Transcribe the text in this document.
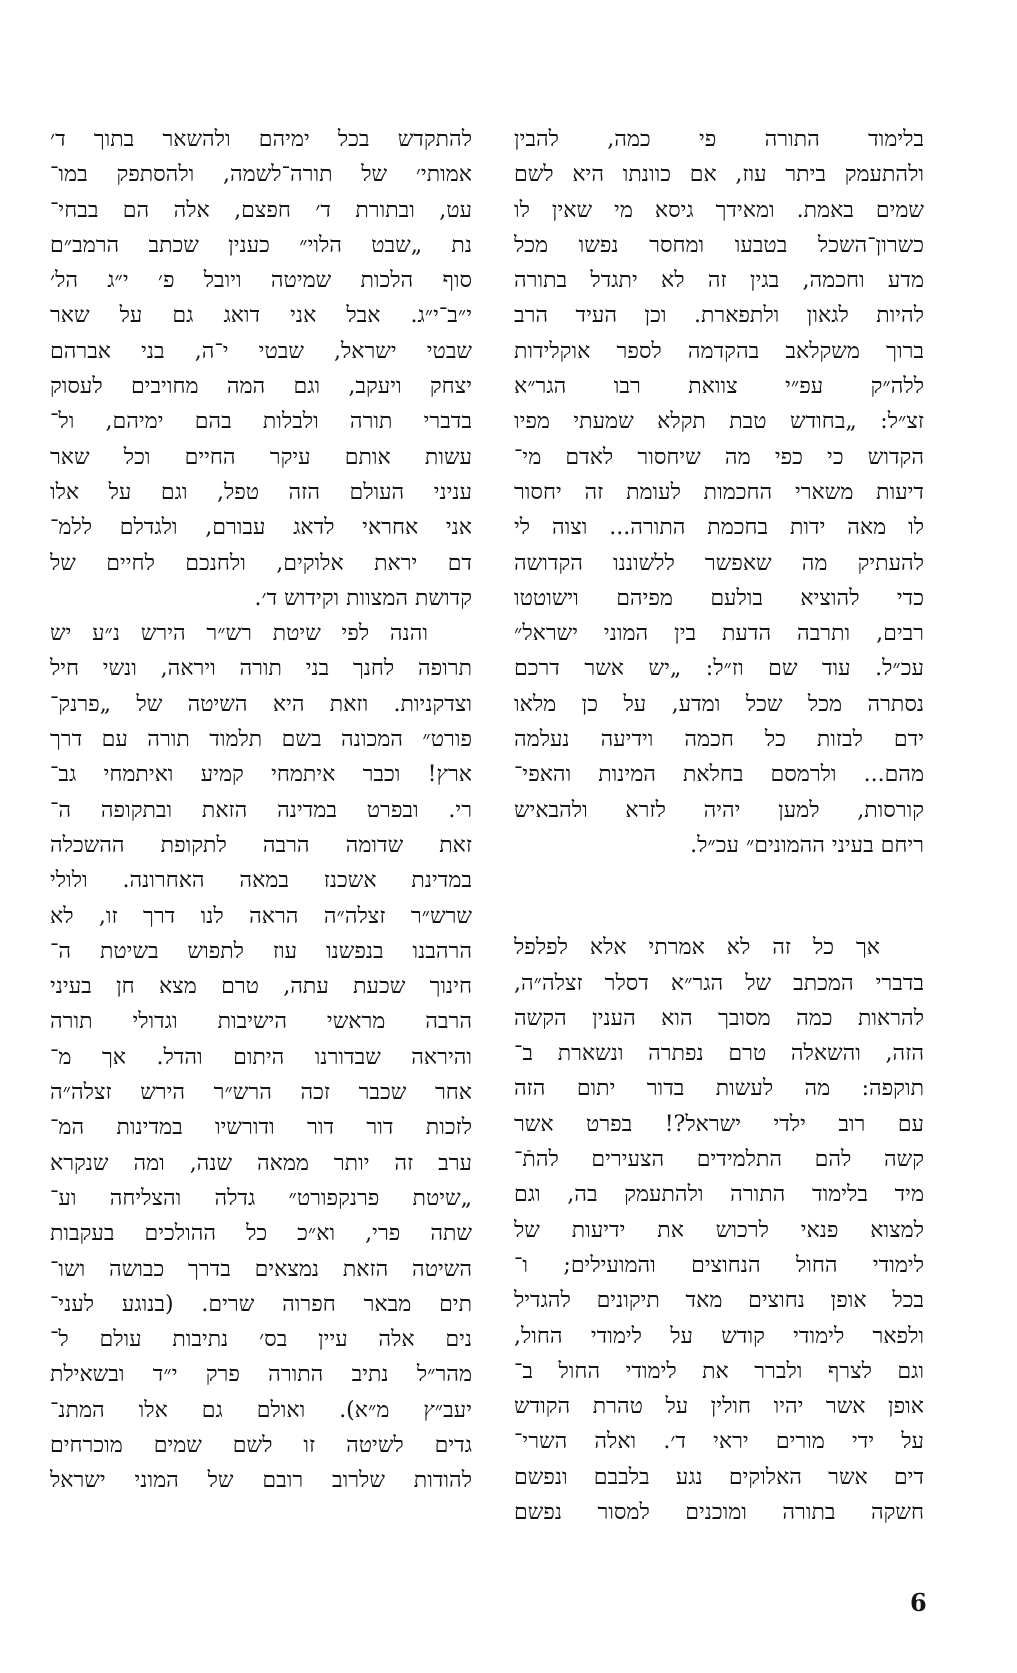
בלימוד התורה פי כמה, להבין
ולהתעמק ביתר עוז, אם כוונתו היא לשם
שמים באמת. ומאידך גיסא מי שאין לו
כשרון־השכל בטבעו ומחסר נפשו מכל
מדע וחכמה, בגין זה לא יתגדל בתורה
להיות לגאון ולתפארת. וכן העיד הרב
ברוך משקלאב בהקדמה לספר אוקלידות
ללה״ק עפ״י צוואת רבו הגר״א
זצ״ל: „בחודש טבת תקלא שמעתי מפיו
הקדוש כי כפי מה שיחסור לאדם מי־
דיעות משארי החכמות לעומת זה יחסור
לו מאה ידות בחכמת התורה... וצוה לי
להעתיק מה שאפשר ללשוננו הקדושה
כדי להוציא בולעם מפיהם וישוטטו
רבים, ותרבה הדעת בין המוני ישראל״
עכ״ל. עוד שם וז״ל: „יש אשר דרכם
נסתרה מכל שכל ומדע, על כן מלאו
ידם לבזות כל חכמה וידיעה נעלמה
מהם... ולרמסם בחלאת המינות והאפי־
קורסות, למען יהיה לזרא ולהבאיש
ריחם בעיני ההמונים״ עכ״ל.
אך כל זה לא אמרתי אלא לפלפל
בדברי המכתב של הגר״א דסלר זצלה״ה,
להראות כמה מסובך הוא הענין הקשה
הזה, והשאלה טרם נפתרה ונשארת ב־
תוקפה: מה לעשות בדור יתום הזה
עם רוב ילדי ישראל?! בפרט אשר
קשה להם התלמידים הצעירים להתֿ־
מיד בלימוד התורה ולהתעמק בה, וגם
למצוא פנאי לרכוש את ידיעות של
לימודי החול הנחוצים והמועילים; ו־
בכל אופן נחוצים מאד תיקונים להגדיל
ולפאר לימודי קודש על לימודי החול,
וגם לצרף ולברר את לימודי החול ב־
אופן אשר יהיו חולין על טהרת הקודש
על ידי מורים יראי ד׳. ואלה השרי־
דים אשר האלוקים נגע בלבבם ונפשם
חשקה בתורה ומוכנים למסור נפשם
להתקדש בכל ימיהם ולהשאר בתוך ד׳
אמותי׳ של תורה־לשמה, ולהסתפק במו־
עט, ובתורת ד׳ חפצם, אלה הם בבחי־
נת „שבט הלוי״ כענין שכתב הרמב״ם
סוף הלכות שמיטה ויובל פ׳ י״ג הל׳
י״ב־י״ג. אבל אני דואג גם על שאר
שבטי ישראל, שבטי י־ה, בני אברהם
יצחק ויעקב, וגם המה מחויבים לעסוק
בדברי תורה ולבלות בהם ימיהם, ול־
עשות אותם עיקר החיים וכל שאר
עניני העולם הזה טפל, וגם על אלו
אני אחראי לדאג עבורם, ולגדלם ללמ־
דם יראת אלוקים, ולחנכם לחיים של
קדושת המצוות וקידוש ד׳.
והנה לפי שיטת רש״ר הירש נ״ע יש
תרופה לחנך בני תורה ויראה, ונשי חיל
וצדקניות. וזאת היא השיטה של „פרנק־
פורט״ המכונה בשם תלמוד תורה עם דרך
ארץ! וכבר איתמחי קמיע ואיתמחי גב־
רי. ובפרט במדינה הזאת ובתקופה ה־
זאת שדומה הרבה לתקופת ההשכלה
במדינת אשכנז במאה האחרונה. ולולי
שרש״ר זצלה״ה הראה לנו דרך זו, לא
הרהבנו בנפשנו עוז לתפוש בשיטת ה־
חינוך שכעת עתה, טרם מצא חן בעיני
הרבה מראשי הישיבות וגדולי תורה
והיראה שבדורנו היתום והדל. אך מ־
אחר שכבר זכה הרש״ר הירש זצלה״ה
לזכות דור דור ודורשיו במדינות המ־
ערב זה יותר ממאה שנה, ומה שנקרא
„שיטת פרנקפורט״ גדלה והצליחה וע־
שתה פרי, וא״כ כל ההולכים בעקבות
השיטה הזאת נמצאים בדרך כבושה ושו־
תים מבאר חפרוה שרים. (בנוגע לעני־
נים אלה עיין בס׳ נתיבות עולם ל־
מהר״ל נתיב התורה פרק י״ד ובשאילת
יעב״ץ מ״א). ואולם גם אלו המתנ־
גדים לשיטה זו לשם שמים מוכרחים
להודות שלרוב רובם של המוני ישראל
6
